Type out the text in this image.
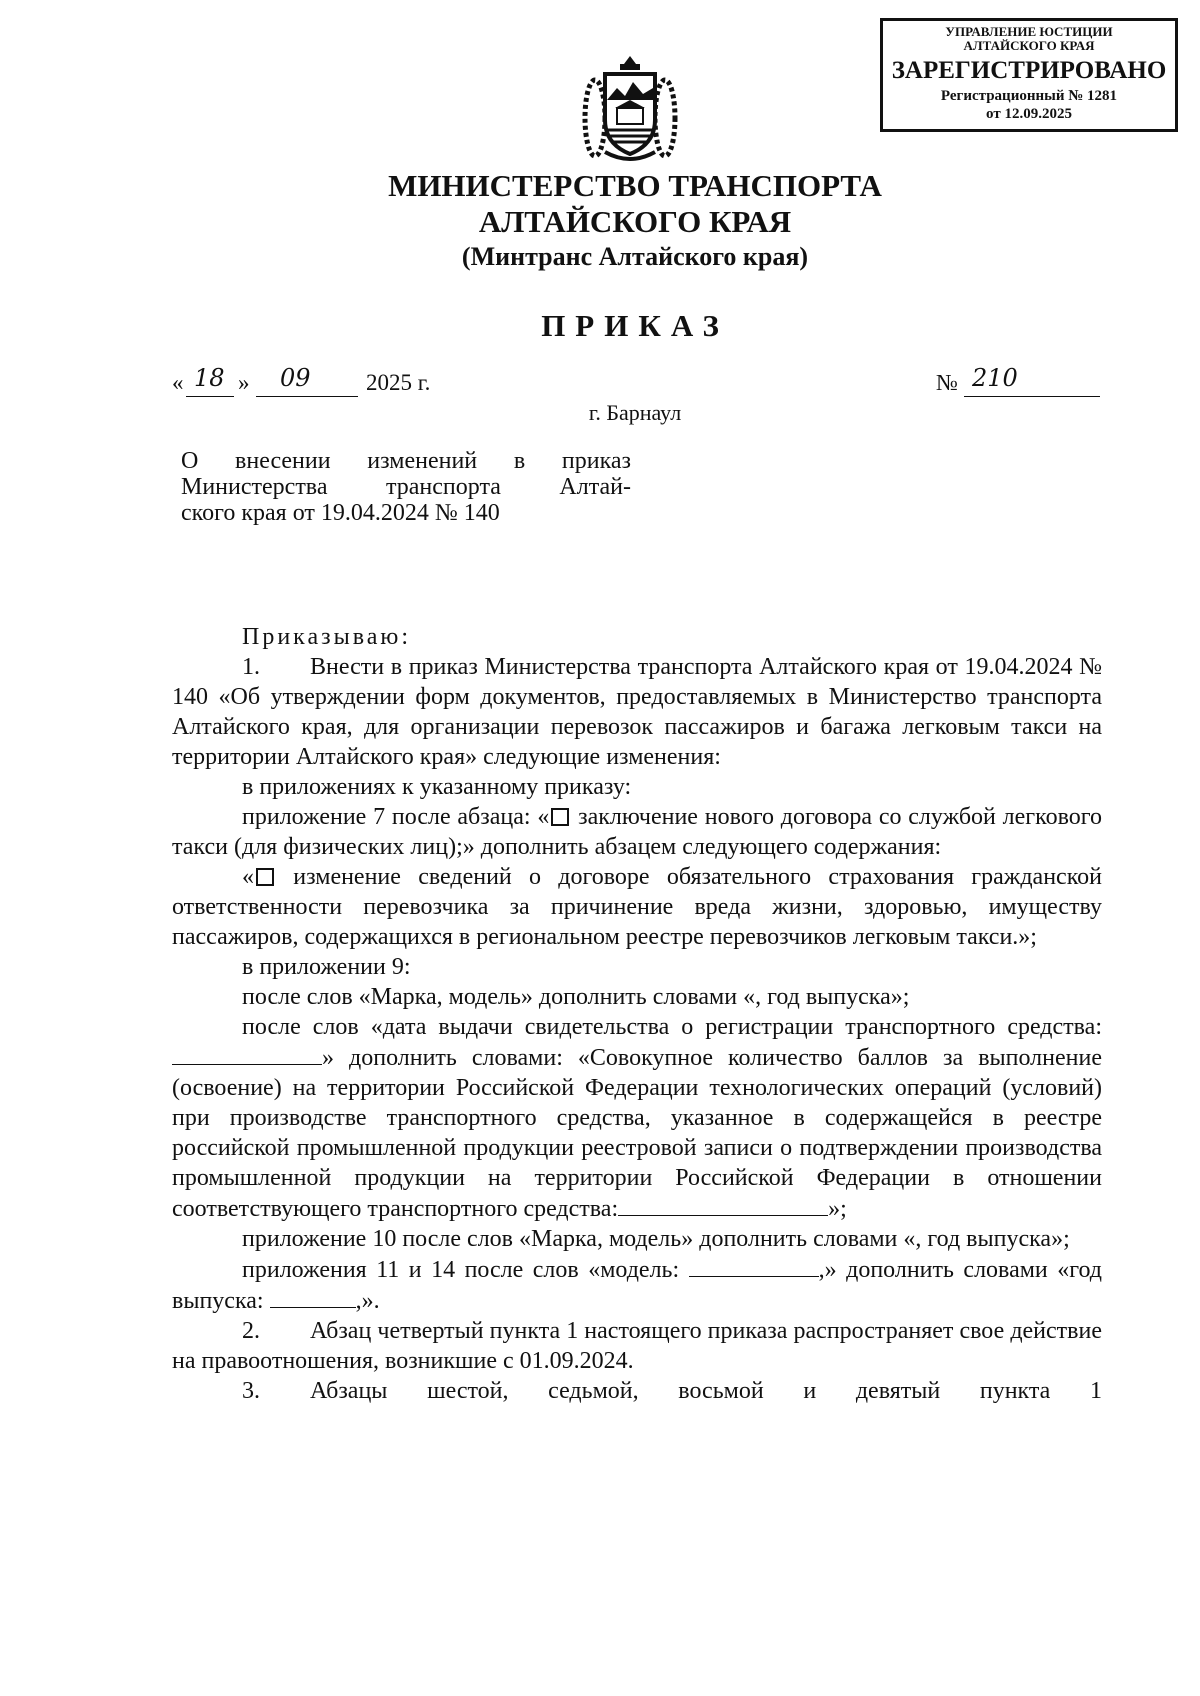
УПРАВЛЕНИЕ ЮСТИЦИИ
АЛТАЙСКОГО КРАЯ
ЗАРЕГИСТРИРОВАНО
Регистрационный № 1281
от 12.09.2025
МИНИСТЕРСТВО ТРАНСПОРТА
АЛТАЙСКОГО КРАЯ
(Минтранс Алтайского края)
ПРИКАЗ
« 18 » 09 2025 г.	№ 210
г. Барнаул
О внесении изменений в приказ
Министерства транспорта Алтай-
ского края от 19.04.2024 № 140

Приказываю:

1. Внести в приказ Министерства транспорта Алтайского края от 19.04.2024 № 140 «Об утверждении форм документов, предоставляемых в Министерство транспорта Алтайского края, для организации перевозок пассажиров и багажа легковым такси на территории Алтайского края» следующие изменения:

в приложениях к указанному приказу:

приложение 7 после абзаца: « заключение нового договора со службой легкового такси (для физических лиц);» дополнить абзацем следующего содержания:

« изменение сведений о договоре обязательного страхования гражданской ответственности перевозчика за причинение вреда жизни, здоровью, имуществу пассажиров, содержащихся в региональном реестре перевозчиков легковым такси.»;

в приложении 9:

после слов «Марка, модель» дополнить словами «, год выпуска»;

после слов «дата выдачи свидетельства о регистрации транспортного средства: » дополнить словами: «Совокупное количество баллов за выполнение (освоение) на территории Российской Федерации технологических операций (условий) при производстве транспортного средства, указанное в содержащейся в реестре российской промышленной продукции реестровой записи о подтверждении производства промышленной продукции на территории Российской Федерации в отношении соответствующего транспортного средства:	»;

приложение 10 после слов «Марка, модель» дополнить словами «, год выпуска»;

приложения 11 и 14 после слов «модель:	,» дополнить словами «год выпуска:	,».

2. Абзац четвертый пункта 1 настоящего приказа распространяет свое действие на правоотношения, возникшие с 01.09.2024.

3. Абзацы шестой, седьмой, восьмой и девятый пункта 1
